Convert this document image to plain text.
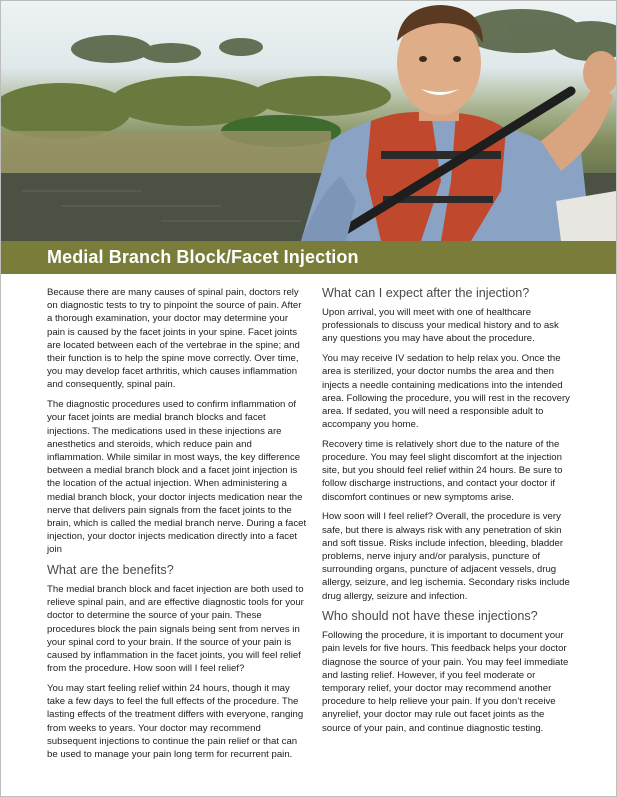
Medial Branch Block/Facet Injection

Because there are many causes of spinal pain, doctors rely on diagnostic tests to try to pinpoint the source of pain. After a thorough examination, your doctor may determine your pain is caused by the facet joints in your spine. Facet joints are located between each of the vertebrae in the spine; and their function is to help the spine move correctly. Over time, you may develop facet arthritis, which causes inflammation and consequently, spinal pain.

The diagnostic procedures used to confirm inflammation of your facet joints are medial branch blocks and facet injections. The medications used in these injections are anesthetics and steroids, which reduce pain and inflammation. While similar in most ways, the key difference between a medial branch block and a facet joint injection is the location of the actual injection. When administering a medial branch block, your doctor injects medication near the nerve that delivers pain signals from the facet joints to the brain, which is called the medial branch nerve. During a facet injection, your doctor injects medication directly into a facet join

What are the benefits?

The medial branch block and facet injection are both used to relieve spinal pain, and are effective diagnostic tools for your doctor to determine the source of your pain. These procedures block the pain signals being sent from nerves in your spinal cord to your brain. If the source of your pain is caused by inflammation in the facet joints, you will feel relief from the procedure. How soon will I feel relief?

You may start feeling relief within 24 hours, though it may take a few days to feel the full effects of the procedure. The lasting effects of the treatment differs with everyone, ranging from weeks to years. Your doctor may recommend subsequent injections to continue the pain relief or that can be used to manage your pain long term for recurrent pain.

What can I expect after the injection?

Upon arrival, you will meet with one of healthcare professionals to discuss your medical history and to ask any questions you may have about the procedure.

You may receive IV sedation to help relax you. Once the area is sterilized, your doctor numbs the area and then injects a needle containing medications into the intended area. Following the procedure, you will rest in the recovery area. If sedated, you will need a responsible adult to accompany you home.

Recovery time is relatively short due to the nature of the procedure. You may feel slight discomfort at the injection site, but you should feel relief within 24 hours. Be sure to follow discharge instructions, and contact your doctor if discomfort continues or new symptoms arise.

How soon will I feel relief? Overall, the procedure is very safe, but there is always risk with any penetration of skin and soft tissue. Risks include infection, bleeding, bladder problems, nerve injury and/or paralysis, puncture of surrounding organs, puncture of adjacent vessels, drug allergy, seizure, and leg ischemia. Secondary risks include drug allergy, seizure and infection.

Who should not have these injections?

Following the procedure, it is important to document your pain levels for five hours. This feedback helps your doctor diagnose the source of your pain. You may feel immediate and lasting relief. However, if you feel moderate or temporary relief, your doctor may recommend another procedure to help relieve your pain. If you don’t receive anyrelief, your doctor may rule out facet joints as the source of your pain, and continue diagnostic testing.
